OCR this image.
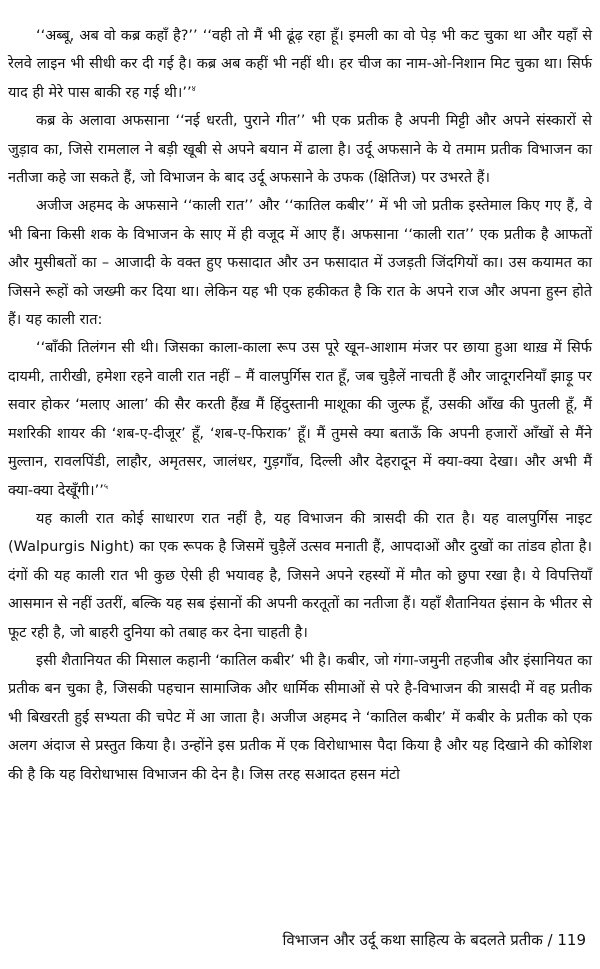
‘‘अब्बू, अब वो कब्र कहाँ है?’’ ‘‘वही तो मैं भी ढूंढ़ रहा हूँ। इमली का वो पेड़ भी कट चुका था और यहाँ से रेलवे लाइन भी सीधी कर दी गई है। कब्र अब कहीं भी नहीं थी। हर चीज का नाम-ओ-निशान मिट चुका था। सिर्फ याद ही मेरे पास बाकी रह गई थी।’’$^४$

कब्र के अलावा अफसाना ‘‘नई धरती, पुराने गीत’’ भी एक प्रतीक है अपनी मिट्टी और अपने संस्कारों से जुड़ाव का, जिसे रामलाल ने बड़ी खूबी से अपने बयान में ढाला है। उर्दू अफसाने के ये तमाम प्रतीक विभाजन का नतीजा कहे जा सकते हैं, जो विभाजन के बाद उर्दू अफसाने के उफक (क्षितिज) पर उभरते हैं।

अजीज अहमद के अफसाने ‘‘काली रात’’ और ‘‘कातिल कबीर’’ में भी जो प्रतीक इस्तेमाल किए गए हैं, वे भी बिना किसी शक के विभाजन के साए में ही वजूद में आए हैं। अफसाना ‘‘काली रात’’ एक प्रतीक है आफतों और मुसीबतों का – आजादी के वक्त हुए फसादात और उन फसादात में उजड़ती जिंदगियों का। उस कयामत का जिसने रूहों को जख्मी कर दिया था। लेकिन यह भी एक हकीकत है कि रात के अपने राज और अपना हुस्न होते हैं। यह काली रात:

‘‘बाँकी तिलंगन सी थी। जिसका काला-काला रूप उस पूरे खून-आशाम मंजर पर छाया हुआ थाख़ में सिर्फ दायमी, तारीखी, हमेशा रहने वाली रात नहीं – मैं वालपुर्गिस रात हूँ, जब चुड़ैलें नाचती हैं और जादूगरनियाँ झाड़ू पर सवार होकर ‘मलाए आला’ की सैर करती हैंख़ मैं हिंदुस्तानी माशूका की जुल्फ हूँ, उसकी आँख की पुतली हूँ, मैं मशरिकी शायर की ‘शब-ए-दीजूर’ हूँ, ‘शब-ए-फिराक’ हूँ। मैं तुमसे क्या बताऊँ कि अपनी हजारों आँखों से मैंने मुल्तान, रावलपिंडी, लाहौर, अमृतसर, जालंधर, गुड़गाँव, दिल्ली और देहरादून में क्या-क्या देखा। और अभी मैं क्या-क्या देखूँगी।’’$^५$

यह काली रात कोई साधारण रात नहीं है, यह विभाजन की त्रासदी की रात है। यह वालपुर्गिस नाइट (Walpurgis Night) का एक रूपक है जिसमें चुड़ैलें उत्सव मनाती हैं, आपदाओं और दुखों का तांडव होता है। दंगों की यह काली रात भी कुछ ऐसी ही भयावह है, जिसने अपने रहस्यों में मौत को छुपा रखा है। ये विपत्तियाँ आसमान से नहीं उतरीं, बल्कि यह सब इंसानों की अपनी करतूतों का नतीजा हैं। यहाँ शैतानियत इंसान के भीतर से फूट रही है, जो बाहरी दुनिया को तबाह कर देना चाहती है।

इसी शैतानियत की मिसाल कहानी ‘कातिल कबीर’ भी है। कबीर, जो गंगा-जमुनी तहजीब और इंसानियत का प्रतीक बन चुका है, जिसकी पहचान सामाजिक और धार्मिक सीमाओं से परे है-विभाजन की त्रासदी में वह प्रतीक भी बिखरती हुई सभ्यता की चपेट में आ जाता है। अजीज अहमद ने ‘कातिल कबीर’ में कबीर के प्रतीक को एक अलग अंदाज से प्रस्तुत किया है। उन्होंने इस प्रतीक में एक विरोधाभास पैदा किया है और यह दिखाने की कोशिश की है कि यह विरोधाभास विभाजन की देन है। जिस तरह सआदत हसन मंटो

विभाजन और उर्दू कथा साहित्य के बदलते प्रतीक / 119
